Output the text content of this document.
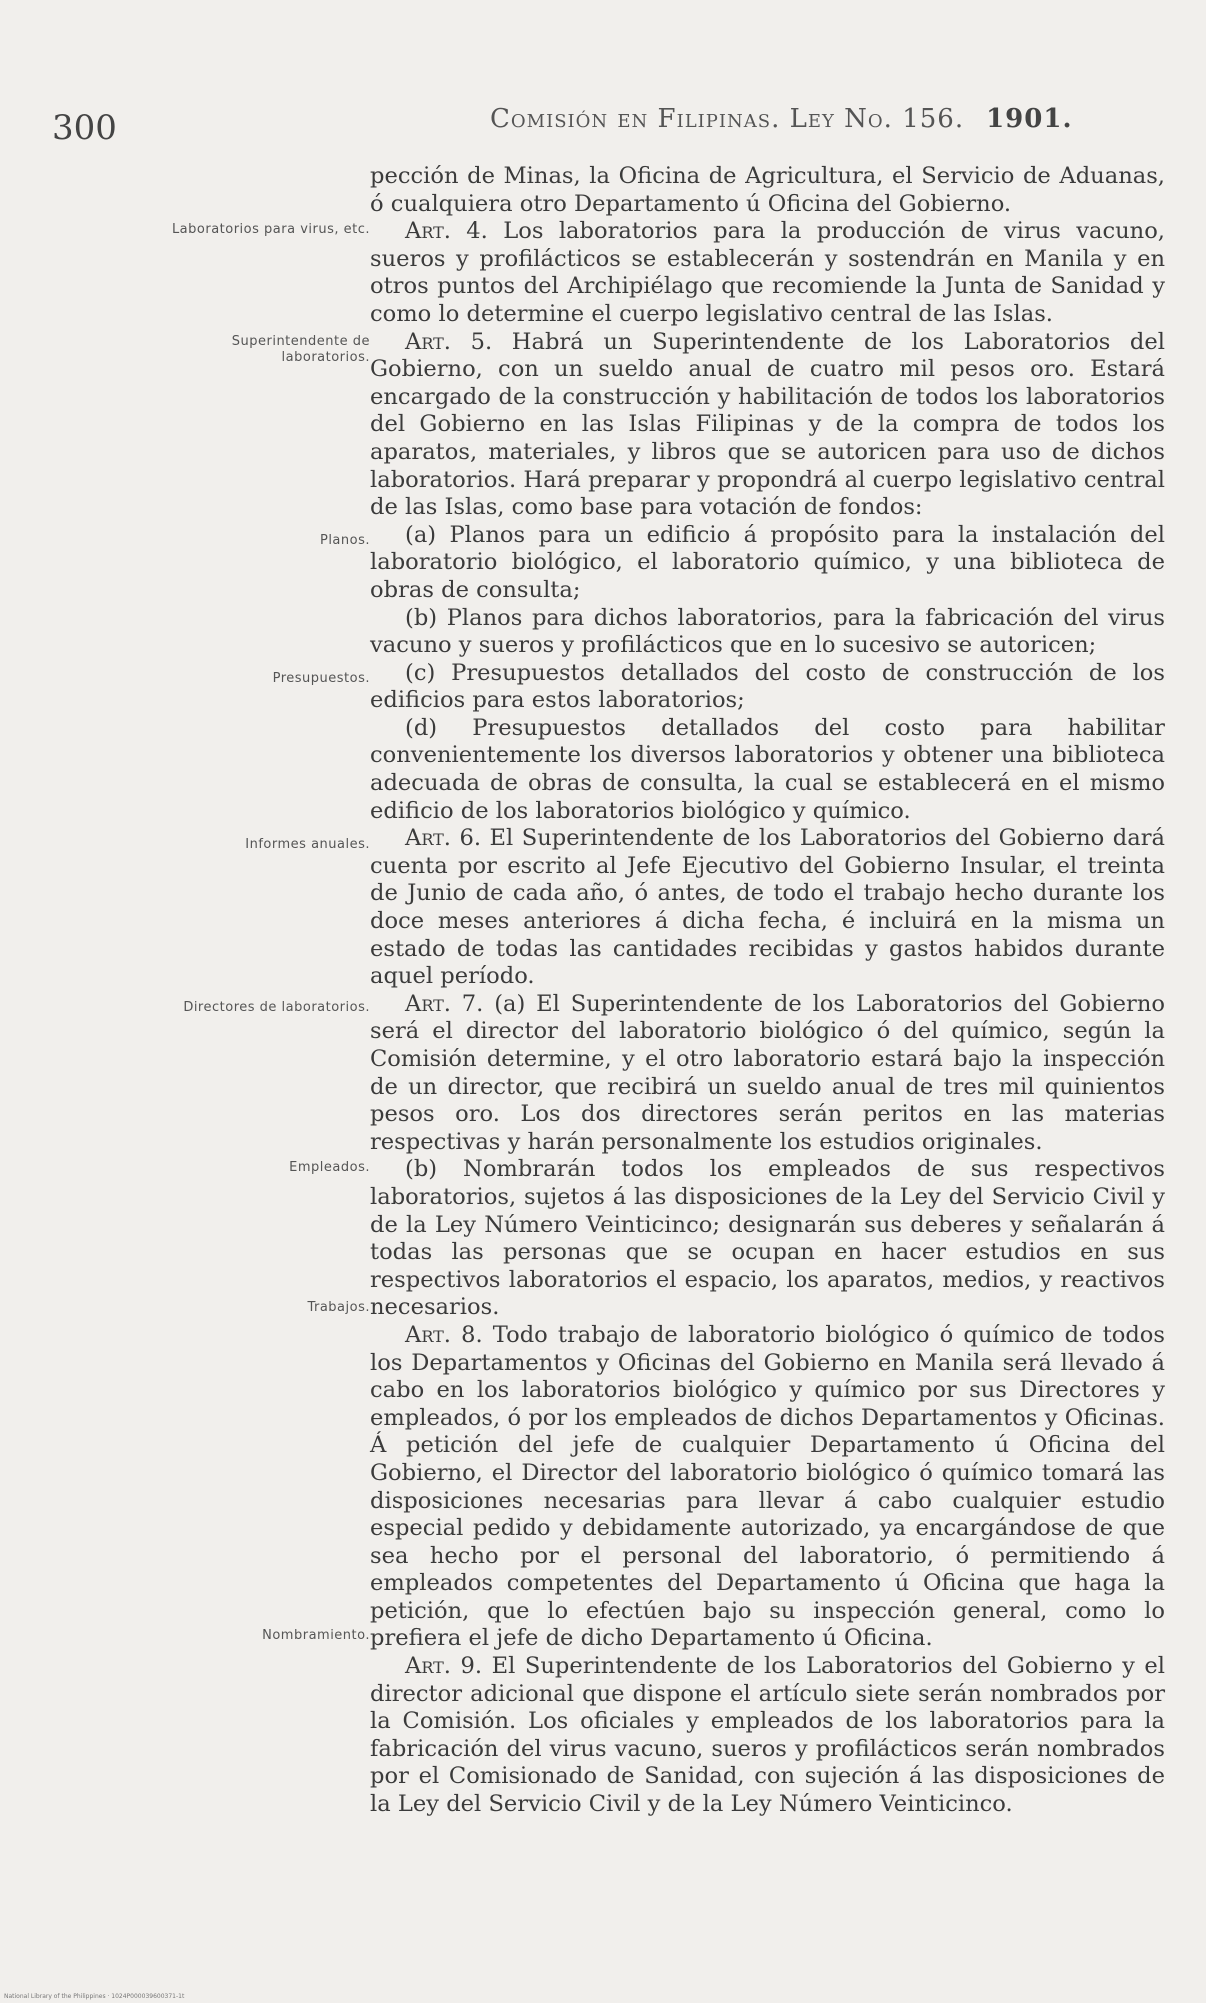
300	Comisión en Filipinas. Ley No. 156. 1901.
Laboratorios para virus, etc.
Superintendente de laboratorios.
Planos.
Presupuestos.
Informes anuales.
Directores de laboratorios.
Empleados.
Trabajos.
Nombramiento.

pección de Minas, la Oficina de Agricultura, el Servicio de Aduanas, ó cualquiera otro Departamento ú Oficina del Gobierno.

Art. 4. Los laboratorios para la producción de virus vacuno, sueros y profilácticos se establecerán y sostendrán en Manila y en otros puntos del Archipiélago que recomiende la Junta de Sanidad y como lo determine el cuerpo legislativo central de las Islas.

Art. 5. Habrá un Superintendente de los Laboratorios del Gobierno, con un sueldo anual de cuatro mil pesos oro. Estará encargado de la construcción y habilitación de todos los laboratorios del Gobierno en las Islas Filipinas y de la compra de todos los aparatos, materiales, y libros que se autoricen para uso de dichos laboratorios. Hará preparar y propondrá al cuerpo legislativo central de las Islas, como base para votación de fondos:

(a) Planos para un edificio á propósito para la instalación del laboratorio biológico, el laboratorio químico, y una biblioteca de obras de consulta;

(b) Planos para dichos laboratorios, para la fabricación del virus vacuno y sueros y profilácticos que en lo sucesivo se autoricen;

(c) Presupuestos detallados del costo de construcción de los edificios para estos laboratorios;

(d) Presupuestos detallados del costo para habilitar convenientemente los diversos laboratorios y obtener una biblioteca adecuada de obras de consulta, la cual se establecerá en el mismo edificio de los laboratorios biológico y químico.

Art. 6. El Superintendente de los Laboratorios del Gobierno dará cuenta por escrito al Jefe Ejecutivo del Gobierno Insular, el treinta de Junio de cada año, ó antes, de todo el trabajo hecho durante los doce meses anteriores á dicha fecha, é incluirá en la misma un estado de todas las cantidades recibidas y gastos habidos durante aquel período.

Art. 7. (a) El Superintendente de los Laboratorios del Gobierno será el director del laboratorio biológico ó del químico, según la Comisión determine, y el otro laboratorio estará bajo la inspección de un director, que recibirá un sueldo anual de tres mil quinientos pesos oro. Los dos directores serán peritos en las materias respectivas y harán personalmente los estudios originales.

(b) Nombrarán todos los empleados de sus respectivos laboratorios, sujetos á las disposiciones de la Ley del Servicio Civil y de la Ley Número Veinticinco; designarán sus deberes y señalarán á todas las personas que se ocupan en hacer estudios en sus respectivos laboratorios el espacio, los aparatos, medios, y reactivos necesarios.

Art. 8. Todo trabajo de laboratorio biológico ó químico de todos los Departamentos y Oficinas del Gobierno en Manila será llevado á cabo en los laboratorios biológico y químico por sus Directores y empleados, ó por los empleados de dichos Departamentos y Oficinas. Á petición del jefe de cualquier Departamento ú Oficina del Gobierno, el Director del laboratorio biológico ó químico tomará las disposiciones necesarias para llevar á cabo cualquier estudio especial pedido y debidamente autorizado, ya encargándose de que sea hecho por el personal del laboratorio, ó permitiendo á empleados competentes del Departamento ú Oficina que haga la petición, que lo efectúen bajo su inspección general, como lo prefiera el jefe de dicho Departamento ú Oficina.

Art. 9. El Superintendente de los Laboratorios del Gobierno y el director adicional que dispone el artículo siete serán nombrados por la Comisión. Los oficiales y empleados de los laboratorios para la fabricación del virus vacuno, sueros y profilácticos serán nombrados por el Comisionado de Sanidad, con sujeción á las disposiciones de la Ley del Servicio Civil y de la Ley Número Veinticinco.

National Library of the Philippines · 1024P000039600371-1t
